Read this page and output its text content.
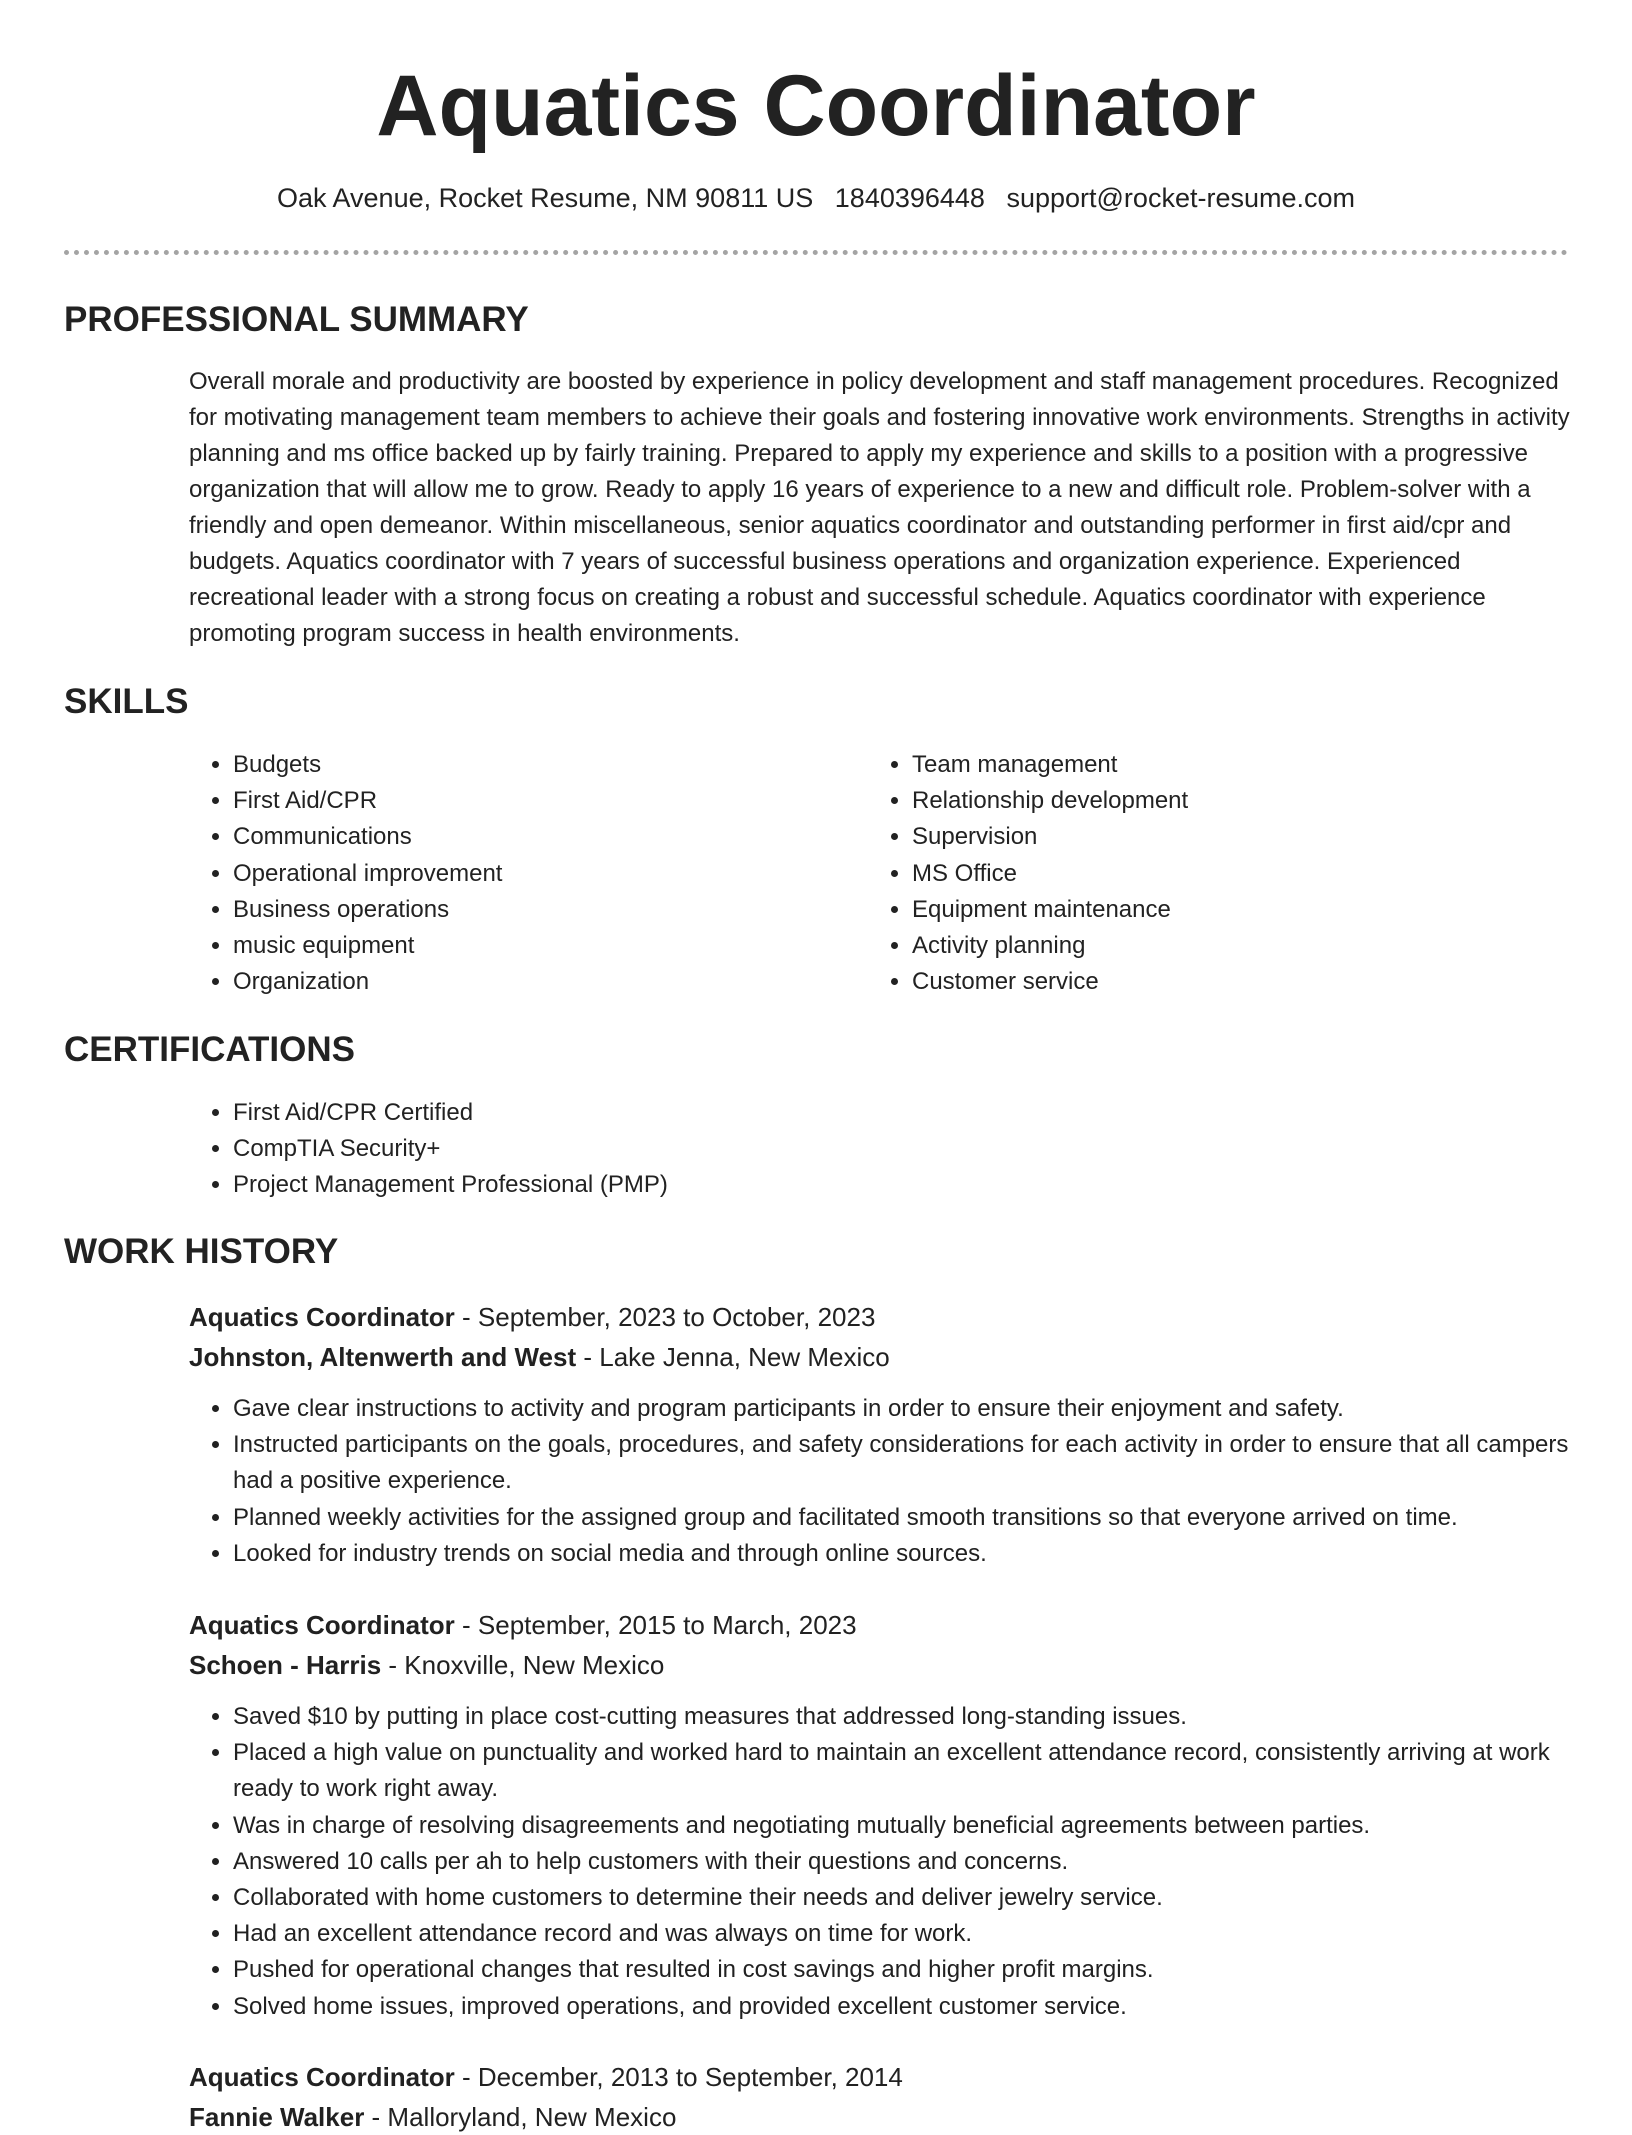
Aquatics Coordinator
Oak Avenue, Rocket Resume, NM 90811 US 1840396448 support@rocket-resume.com
PROFESSIONAL SUMMARY

Overall morale and productivity are boosted by experience in policy development and staff management procedures. Recognized for motivating management team members to achieve their goals and fostering innovative work environments. Strengths in activity planning and ms office backed up by fairly training. Prepared to apply my experience and skills to a position with a progressive organization that will allow me to grow. Ready to apply 16 years of experience to a new and difficult role. Problem-solver with a friendly and open demeanor. Within miscellaneous, senior aquatics coordinator and outstanding performer in first aid/cpr and budgets. Aquatics coordinator with 7 years of successful business operations and organization experience. Experienced recreational leader with a strong focus on creating a robust and successful schedule. Aquatics coordinator with experience promoting program success in health environments.

SKILLS
• Budgets
• First Aid/CPR
• Communications
• Operational improvement
• Business operations
• music equipment
• Organization
• Team management
• Relationship development
• Supervision
• MS Office
• Equipment maintenance
• Activity planning
• Customer service
CERTIFICATIONS
• First Aid/CPR Certified
• CompTIA Security+
• Project Management Professional (PMP)
WORK HISTORY
Aquatics Coordinator - September, 2023 to October, 2023
Johnston, Altenwerth and West - Lake Jenna, New Mexico
• Gave clear instructions to activity and program participants in order to ensure their enjoyment and safety.
• Instructed participants on the goals, procedures, and safety considerations for each activity in order to ensure that all campers had a positive experience.
• Planned weekly activities for the assigned group and facilitated smooth transitions so that everyone arrived on time.
• Looked for industry trends on social media and through online sources.
Aquatics Coordinator - September, 2015 to March, 2023
Schoen - Harris - Knoxville, New Mexico
• Saved $10 by putting in place cost-cutting measures that addressed long-standing issues.
• Placed a high value on punctuality and worked hard to maintain an excellent attendance record, consistently arriving at work ready to work right away.
• Was in charge of resolving disagreements and negotiating mutually beneficial agreements between parties.
• Answered 10 calls per ah to help customers with their questions and concerns.
• Collaborated with home customers to determine their needs and deliver jewelry service.
• Had an excellent attendance record and was always on time for work.
• Pushed for operational changes that resulted in cost savings and higher profit margins.
• Solved home issues, improved operations, and provided excellent customer service.
Aquatics Coordinator - December, 2013 to September, 2014
Fannie Walker - Malloryland, New Mexico
